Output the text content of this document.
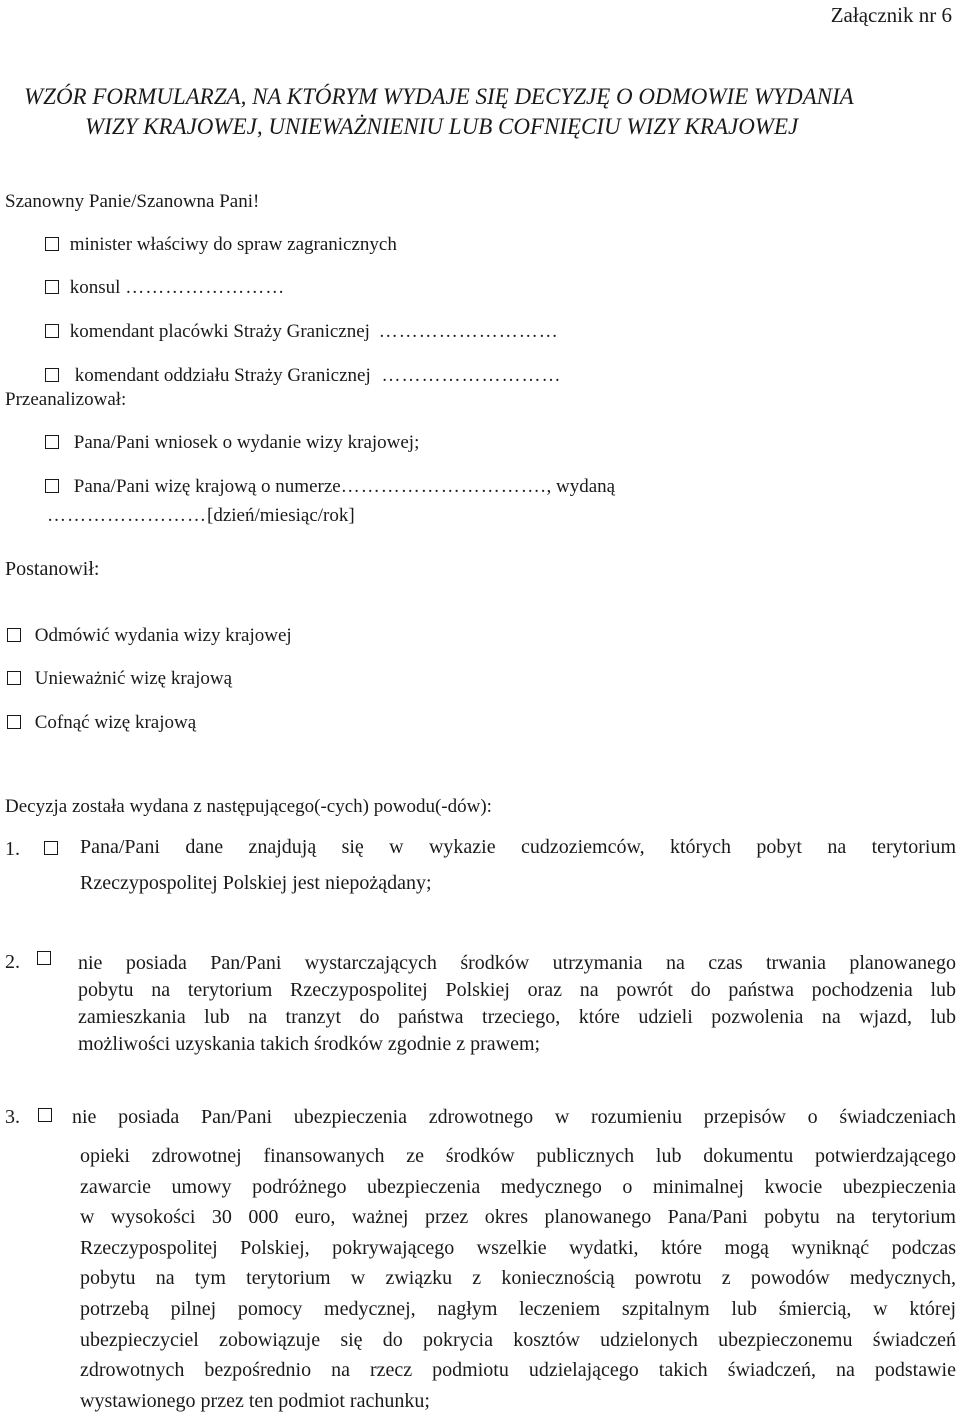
Załącznik nr 6
WZÓR FORMULARZA, NA KTÓRYM WYDAJE SIĘ DECYZJĘ O ODMOWIE WYDANIA
WIZY KRAJOWEJ, UNIEWAŻNIENIU LUB COFNIĘCIU WIZY KRAJOWEJ
Szanowny Panie/Szanowna Pani!
minister właściwy do spraw zagranicznych
konsul ……………………
komendant placówki Straży Granicznej ………………………
komendant oddziału Straży Granicznej ………………………
Przeanalizował:
Pana/Pani wniosek o wydanie wizy krajowej;
Pana/Pani wizę krajową o numerze…………………………., wydaną
……………………[dzień/miesiąc/rok]
Postanowił:
Odmówić wydania wizy krajowej
Unieważnić wizę krajową
Cofnąć wizę krajową
Decyzja została wydana z następującego(-cych) powodu(-dów):
1.	Pana/Pani dane znajdują się w wykazie cudzoziemców, których pobyt na terytorium
Rzeczypospolitej Polskiej jest niepożądany;
2.	nie posiada Pan/Pani wystarczających środków utrzymania na czas trwania planowanego
pobytu na terytorium Rzeczypospolitej Polskiej oraz na powrót do państwa pochodzenia lub
zamieszkania lub na tranzyt do państwa trzeciego, które udzieli pozwolenia na wjazd, lub
możliwości uzyskania takich środków zgodnie z prawem;
3.	nie posiada Pan/Pani ubezpieczenia zdrowotnego w rozumieniu przepisów o świadczeniach
opieki zdrowotnej finansowanych ze środków publicznych lub dokumentu potwierdzającego
zawarcie umowy podróżnego ubezpieczenia medycznego o minimalnej kwocie ubezpieczenia
w wysokości 30 000 euro, ważnej przez okres planowanego Pana/Pani pobytu na terytorium
Rzeczypospolitej Polskiej, pokrywającego wszelkie wydatki, które mogą wyniknąć podczas
pobytu na tym terytorium w związku z koniecznością powrotu z powodów medycznych,
potrzebą pilnej pomocy medycznej, nagłym leczeniem szpitalnym lub śmiercią, w której
ubezpieczyciel zobowiązuje się do pokrycia kosztów udzielonych ubezpieczonemu świadczeń
zdrowotnych bezpośrednio na rzecz podmiotu udzielającego takich świadczeń, na podstawie
wystawionego przez ten podmiot rachunku;
